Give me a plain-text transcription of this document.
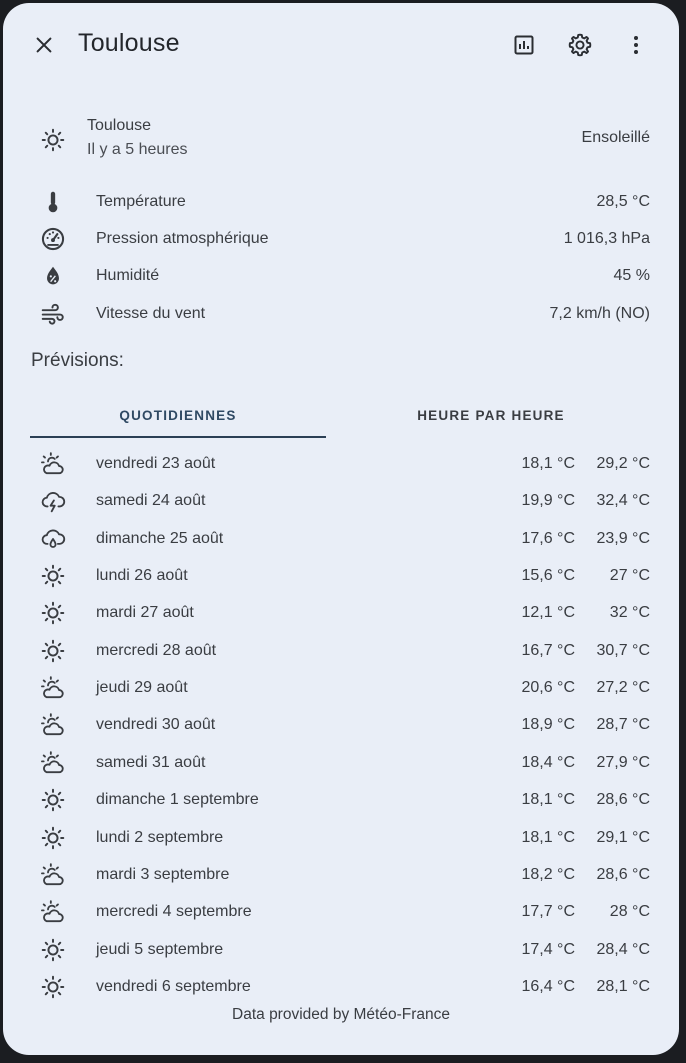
Toulouse
Toulouse
Il y a 5 heures
Ensoleillé
Température	28,5 °C
Pression atmosphérique	1 016,3 hPa
Humidité	45 %
Vitesse du vent	7,2 km/h (NO)
Prévisions:
QUOTIDIENNES	HEURE PAR HEURE
vendredi 23 août	18,1 °C 29,2 °C
samedi 24 août	19,9 °C 32,4 °C
dimanche 25 août	17,6 °C 23,9 °C
lundi 26 août	15,6 °C 27 °C
mardi 27 août	12,1 °C 32 °C
mercredi 28 août	16,7 °C 30,7 °C
jeudi 29 août	20,6 °C 27,2 °C
vendredi 30 août	18,9 °C 28,7 °C
samedi 31 août	18,4 °C 27,9 °C
dimanche 1 septembre	18,1 °C 28,6 °C
lundi 2 septembre	18,1 °C 29,1 °C
mardi 3 septembre	18,2 °C 28,6 °C
mercredi 4 septembre	17,7 °C 28 °C
jeudi 5 septembre	17,4 °C 28,4 °C
vendredi 6 septembre	16,4 °C 28,1 °C
Data provided by Météo-France
